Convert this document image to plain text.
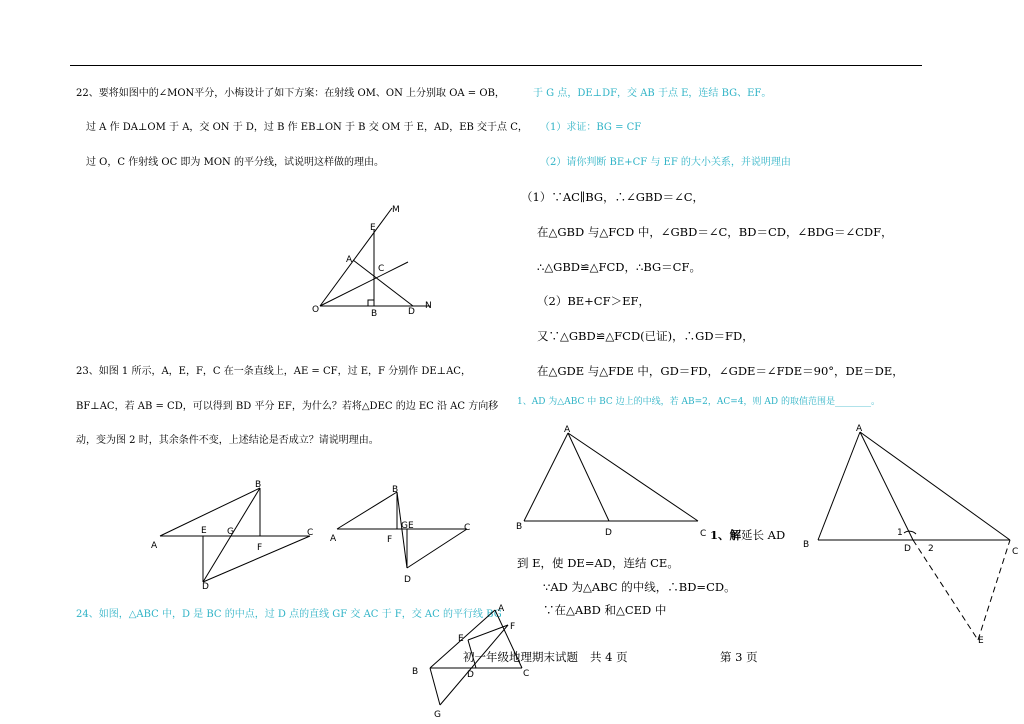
22、要将如图中的∠MON平分，小梅设计了如下方案：在射线 OM、ON 上分别取 OA = OB，
过 A 作 DA⊥OM 于 A，交 ON 于 D，过 B 作 EB⊥ON 于 B 交 OM 于 E，AD，EB 交于点 C，
过 O，C 作射线 OC 即为 MON 的平分线，试说明这样做的理由。
M
E
A
C
O	B	D
N
23、如图 1 所示，A，E，F，C 在一条直线上，AE = CF，过 E，F 分别作 DE⊥AC，
BF⊥AC，若 AB = CD，可以得到 BD 平分 EF，为什么？若将△DEC 的边 EC 沿 AC 方向移
动，变为图 2 时，其余条件不变，上述结论是否成立？请说明理由。
A
B
C
D
E
F
G
A
B
C
D
GE
F
24、如图，△ABC 中，D 是 BC 的中点，过 D 点的直线 GF 交 AC 于 F，交 AC 的平行线 BG
于 G 点，DE⊥DF，交 AB 于点 E，连结 BG、EF。
（1）求证：BG = CF
（2）请你判断 BE+CF 与 EF 的大小关系，并说明理由
A
B	C
D
E
F
G
（1）∵AC∥BG，∴∠GBD＝∠C，
在△GBD 与△FCD 中，∠GBD＝∠C，BD＝CD，∠BDG＝∠CDF，
∴△GBD≌△FCD，∴BG＝CF。
（2）BE+CF＞EF，
又∵△GBD≌△FCD(已证)，∴GD＝FD，
在△GDE 与△FDE 中，GD＝FD，∠GDE＝∠FDE＝90°，DE＝DE，
1、AD 为△ABC 中 BC 边上的中线，若 AB=2，AC=4，则 AD 的取值范围是________。
A
B
C
D
A
B
C
D
E
1
2
1、解延长 AD
到 E，使 DE=AD，连结 CE。
∵AD 为△ABC 的中线，∴BD=CD。
∵在△ABD 和△CED 中
初一年级地理期末试题 共 4 页	第 3 页
